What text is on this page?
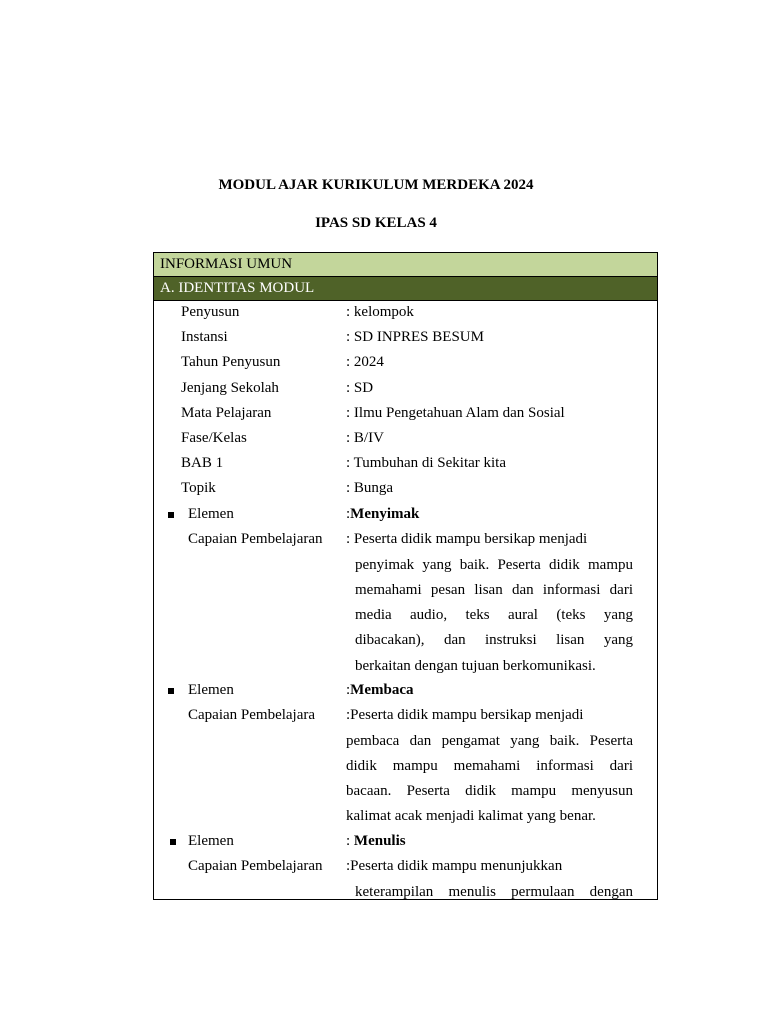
MODUL AJAR KURIKULUM MERDEKA 2024
IPAS SD KELAS 4
INFORMASI UMUN
A. IDENTITAS MODUL
Penyusun	: kelompok
Instansi	: SD INPRES BESUM
Tahun Penyusun	: 2024
Jenjang Sekolah	: SD
Mata Pelajaran	: Ilmu Pengetahuan Alam dan Sosial
Fase/Kelas	: B/IV
BAB 1	: Tumbuhan di Sekitar kita
Topik	: Bunga
Elemen	:Menyimak
Capaian Pembelajaran : Peserta didik mampu bersikap menjadi
penyimak yang baik. Peserta didik mampu
memahami pesan lisan dan informasi dari
media audio, teks aural (teks yang
dibacakan), dan instruksi lisan yang
berkaitan dengan tujuan berkomunikasi.
Elemen	:Membaca
Capaian Pembelajara :Peserta didik mampu bersikap menjadi
pembaca dan pengamat yang baik. Peserta
didik mampu memahami informasi dari
bacaan. Peserta didik mampu menyusun
kalimat acak menjadi kalimat yang benar.
Elemen	: Menulis
Capaian Pembelajaran :Peserta didik mampu menunjukkan
keterampilan menulis permulaan dengan
